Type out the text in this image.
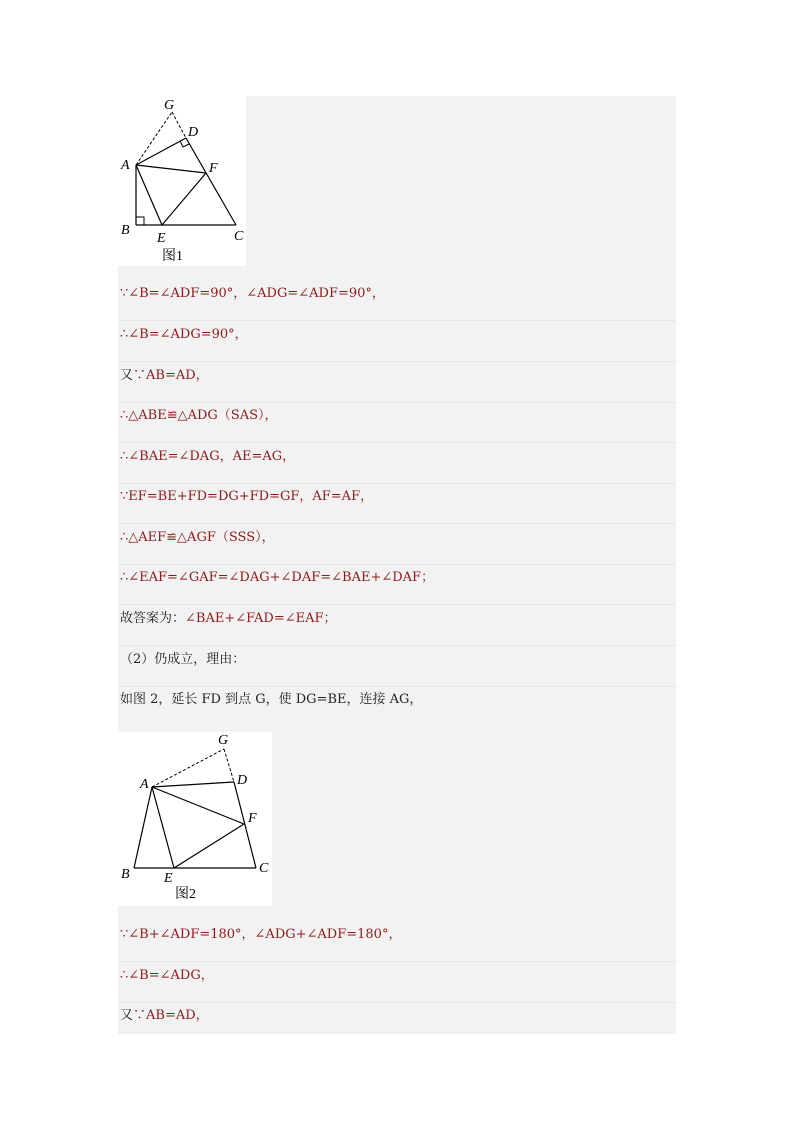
G
D
A	F
B
E	C
图1
∵∠B=∠ADF=90°，∠ADG=∠ADF=90°，
∴∠B=∠ADG=90°，
又∵AB=AD，
∴△ABE≌△ADG（SAS），
∴∠BAE=∠DAG，AE=AG，
∵EF=BE+FD=DG+FD=GF，AF=AF，
∴△AEF≌△AGF（SSS），
∴∠EAF=∠GAF=∠DAG+∠DAF=∠BAE+∠DAF；
故答案为：∠BAE+∠FAD=∠EAF；
（2）仍成立，理由：
如图 2，延长 FD 到点 G，使 DG=BE，连接 AG，
G
D
A
F
B E
C
图2
∵∠B+∠ADF=180°，∠ADG+∠ADF=180°，
∴∠B=∠ADG，
又∵AB=AD，
